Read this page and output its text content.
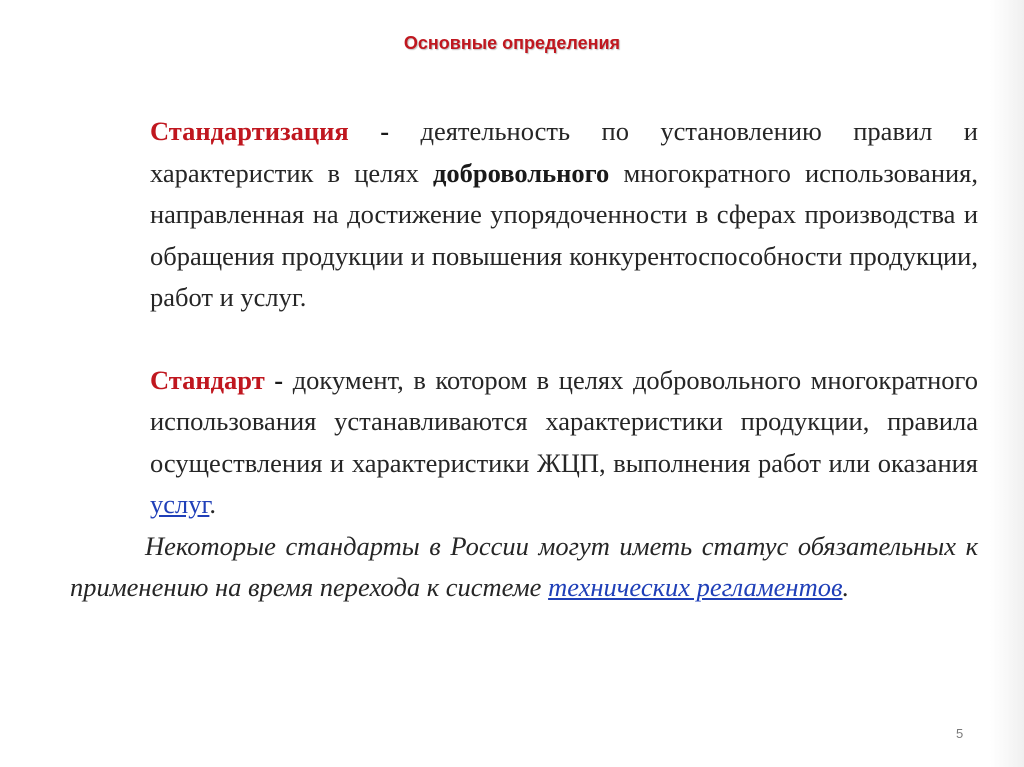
Основные определения

Стандартизация - деятельность по установлению правил и характеристик в целях добровольного многократного использования, направленная на достижение упорядоченности в сферах производства и обращения продукции и повышения конкурентоспособности продукции, работ и услуг.

Стандарт - документ, в котором в целях добровольного многократного использования устанавливаются характеристики продукции, правила осуществления и характеристики ЖЦП, выполнения работ или оказания услуг.

Некоторые стандарты в России могут иметь статус обязательных к применению на время перехода к системе технических регламентов.

5
